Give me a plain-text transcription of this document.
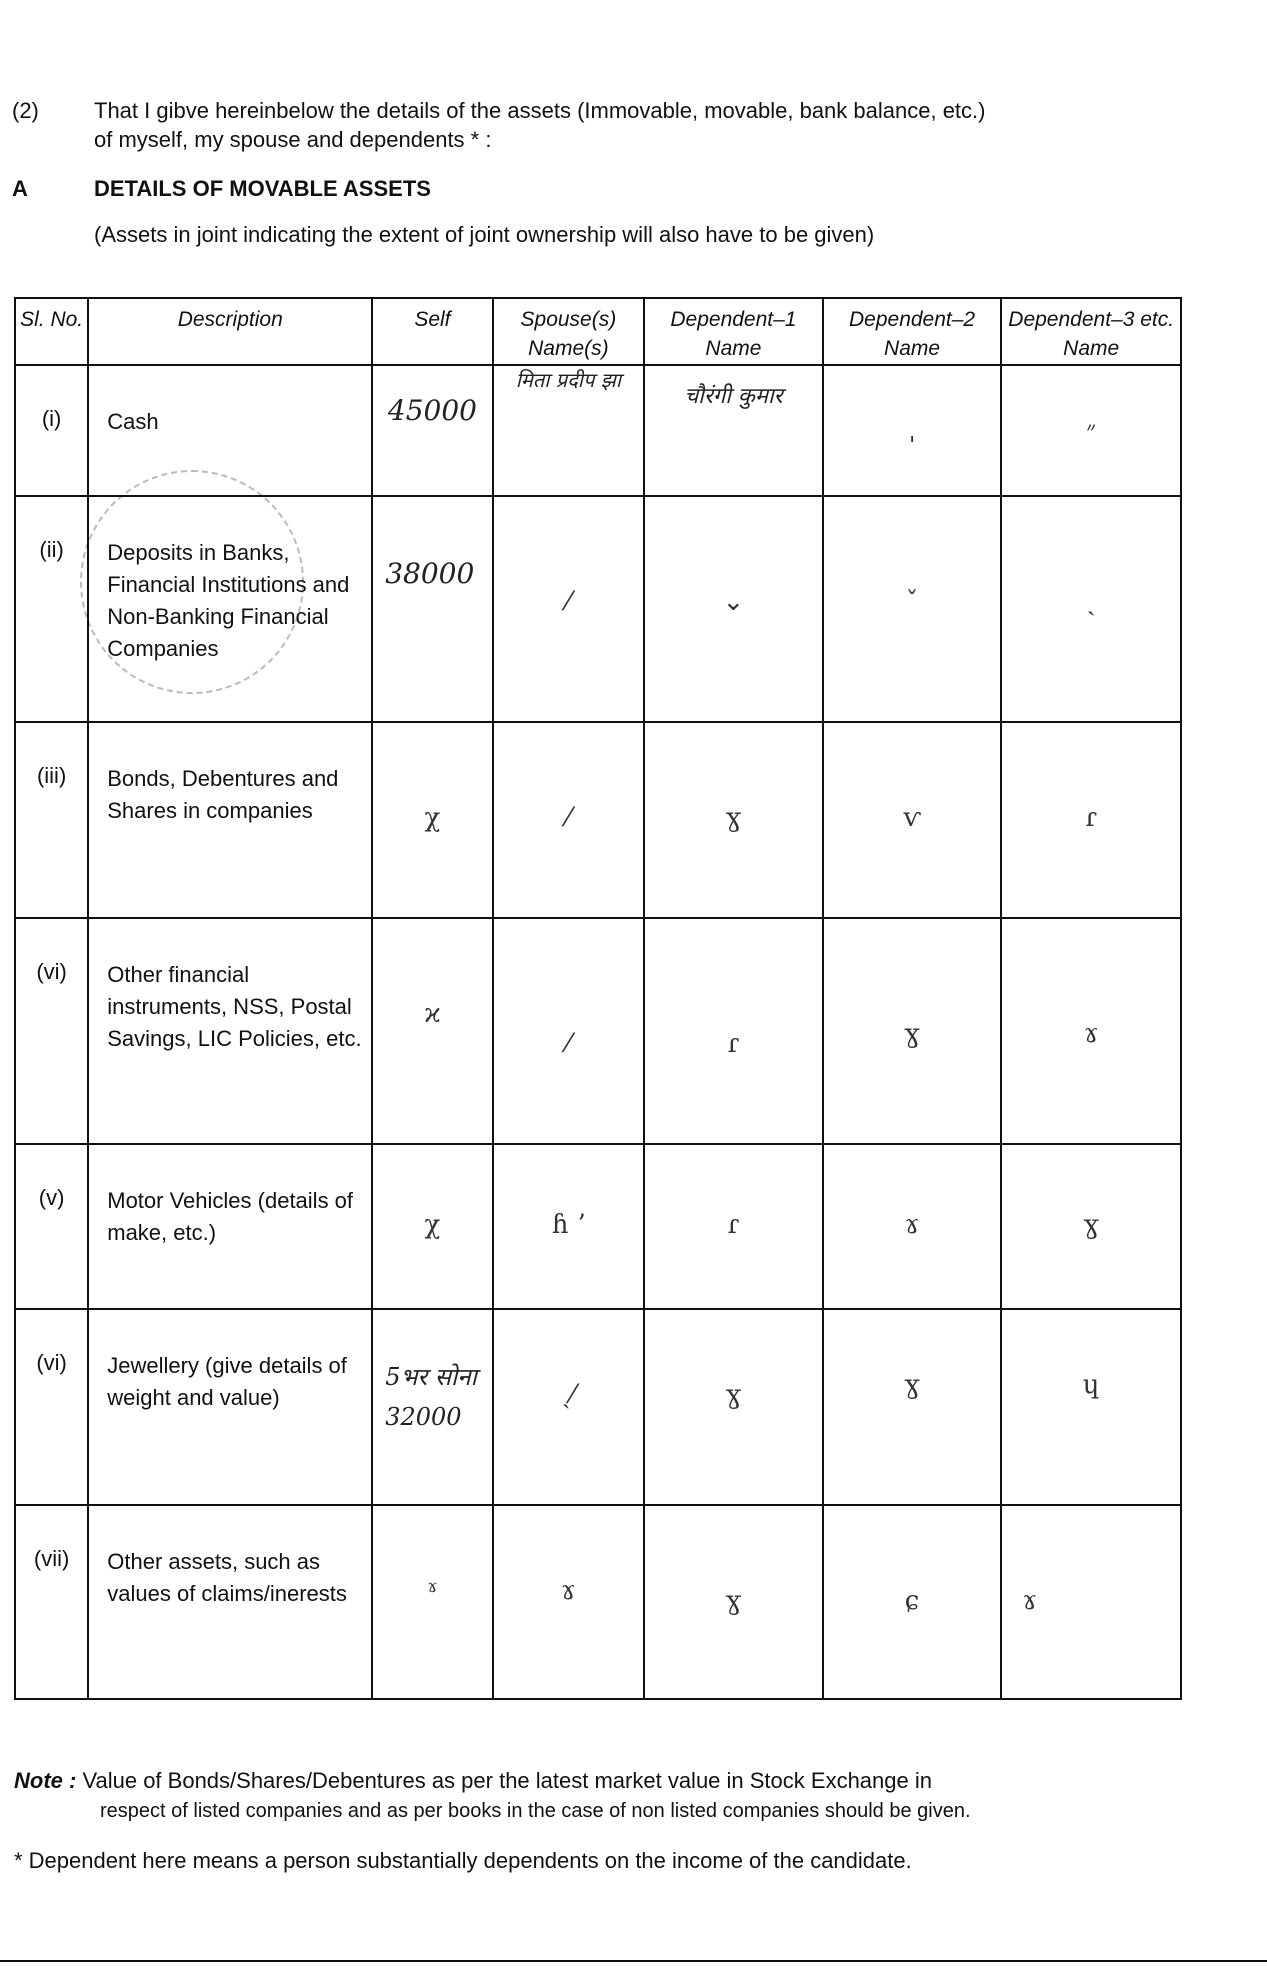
(2)	That I gibve hereinbelow the details of the assets (Immovable, movable, bank balance, etc.)
of myself, my spouse and dependents * :
A	DETAILS OF MOVABLE ASSETS
(Assets in joint indicating the extent of joint ownership will also have to be given)
Sl. No.	Description	Self	Spouse(s) Name(s)	Dependent–1 Name	Dependent–2 Name	Dependent–3 etc. Name
(i)	Cash	45000	मिता प्रदीप झा	चौरंगी कुमार	ˌ	״

(ii)	Deposits in Banks, Financial Institutions and Non-Banking Financial Companies	38000	⁄	⌄	ˇ	ˎ

(iii)	Bonds, Debentures and Shares in companies	χ	⁄	ɣ	ⱱ	ɾ

(vi)	Other financial instruments, NSS, Postal Savings, LIC Policies, etc.	ϰ	⁄	ɾ	ɣ	ɤ

(v)	Motor Vehicles (details of make, etc.)	χ	ɦ ʼ	ɾ	ɤ	ɣ

(vi)	Jewellery (give details of weight and value)	5भर सोना
32000	ˏ⁄	ɣ	ɣ	ɥ

(vii)	Other assets, such as values of claims/inerests	ɤ	ɤ	ɣ	ɕ	ɤ
Note : Value of Bonds/Shares/Debentures as per the latest market value in Stock Exchange in
respect of listed companies and as per books in the case of non listed companies should be given.
* Dependent here means a person substantially dependents on the income of the candidate.
